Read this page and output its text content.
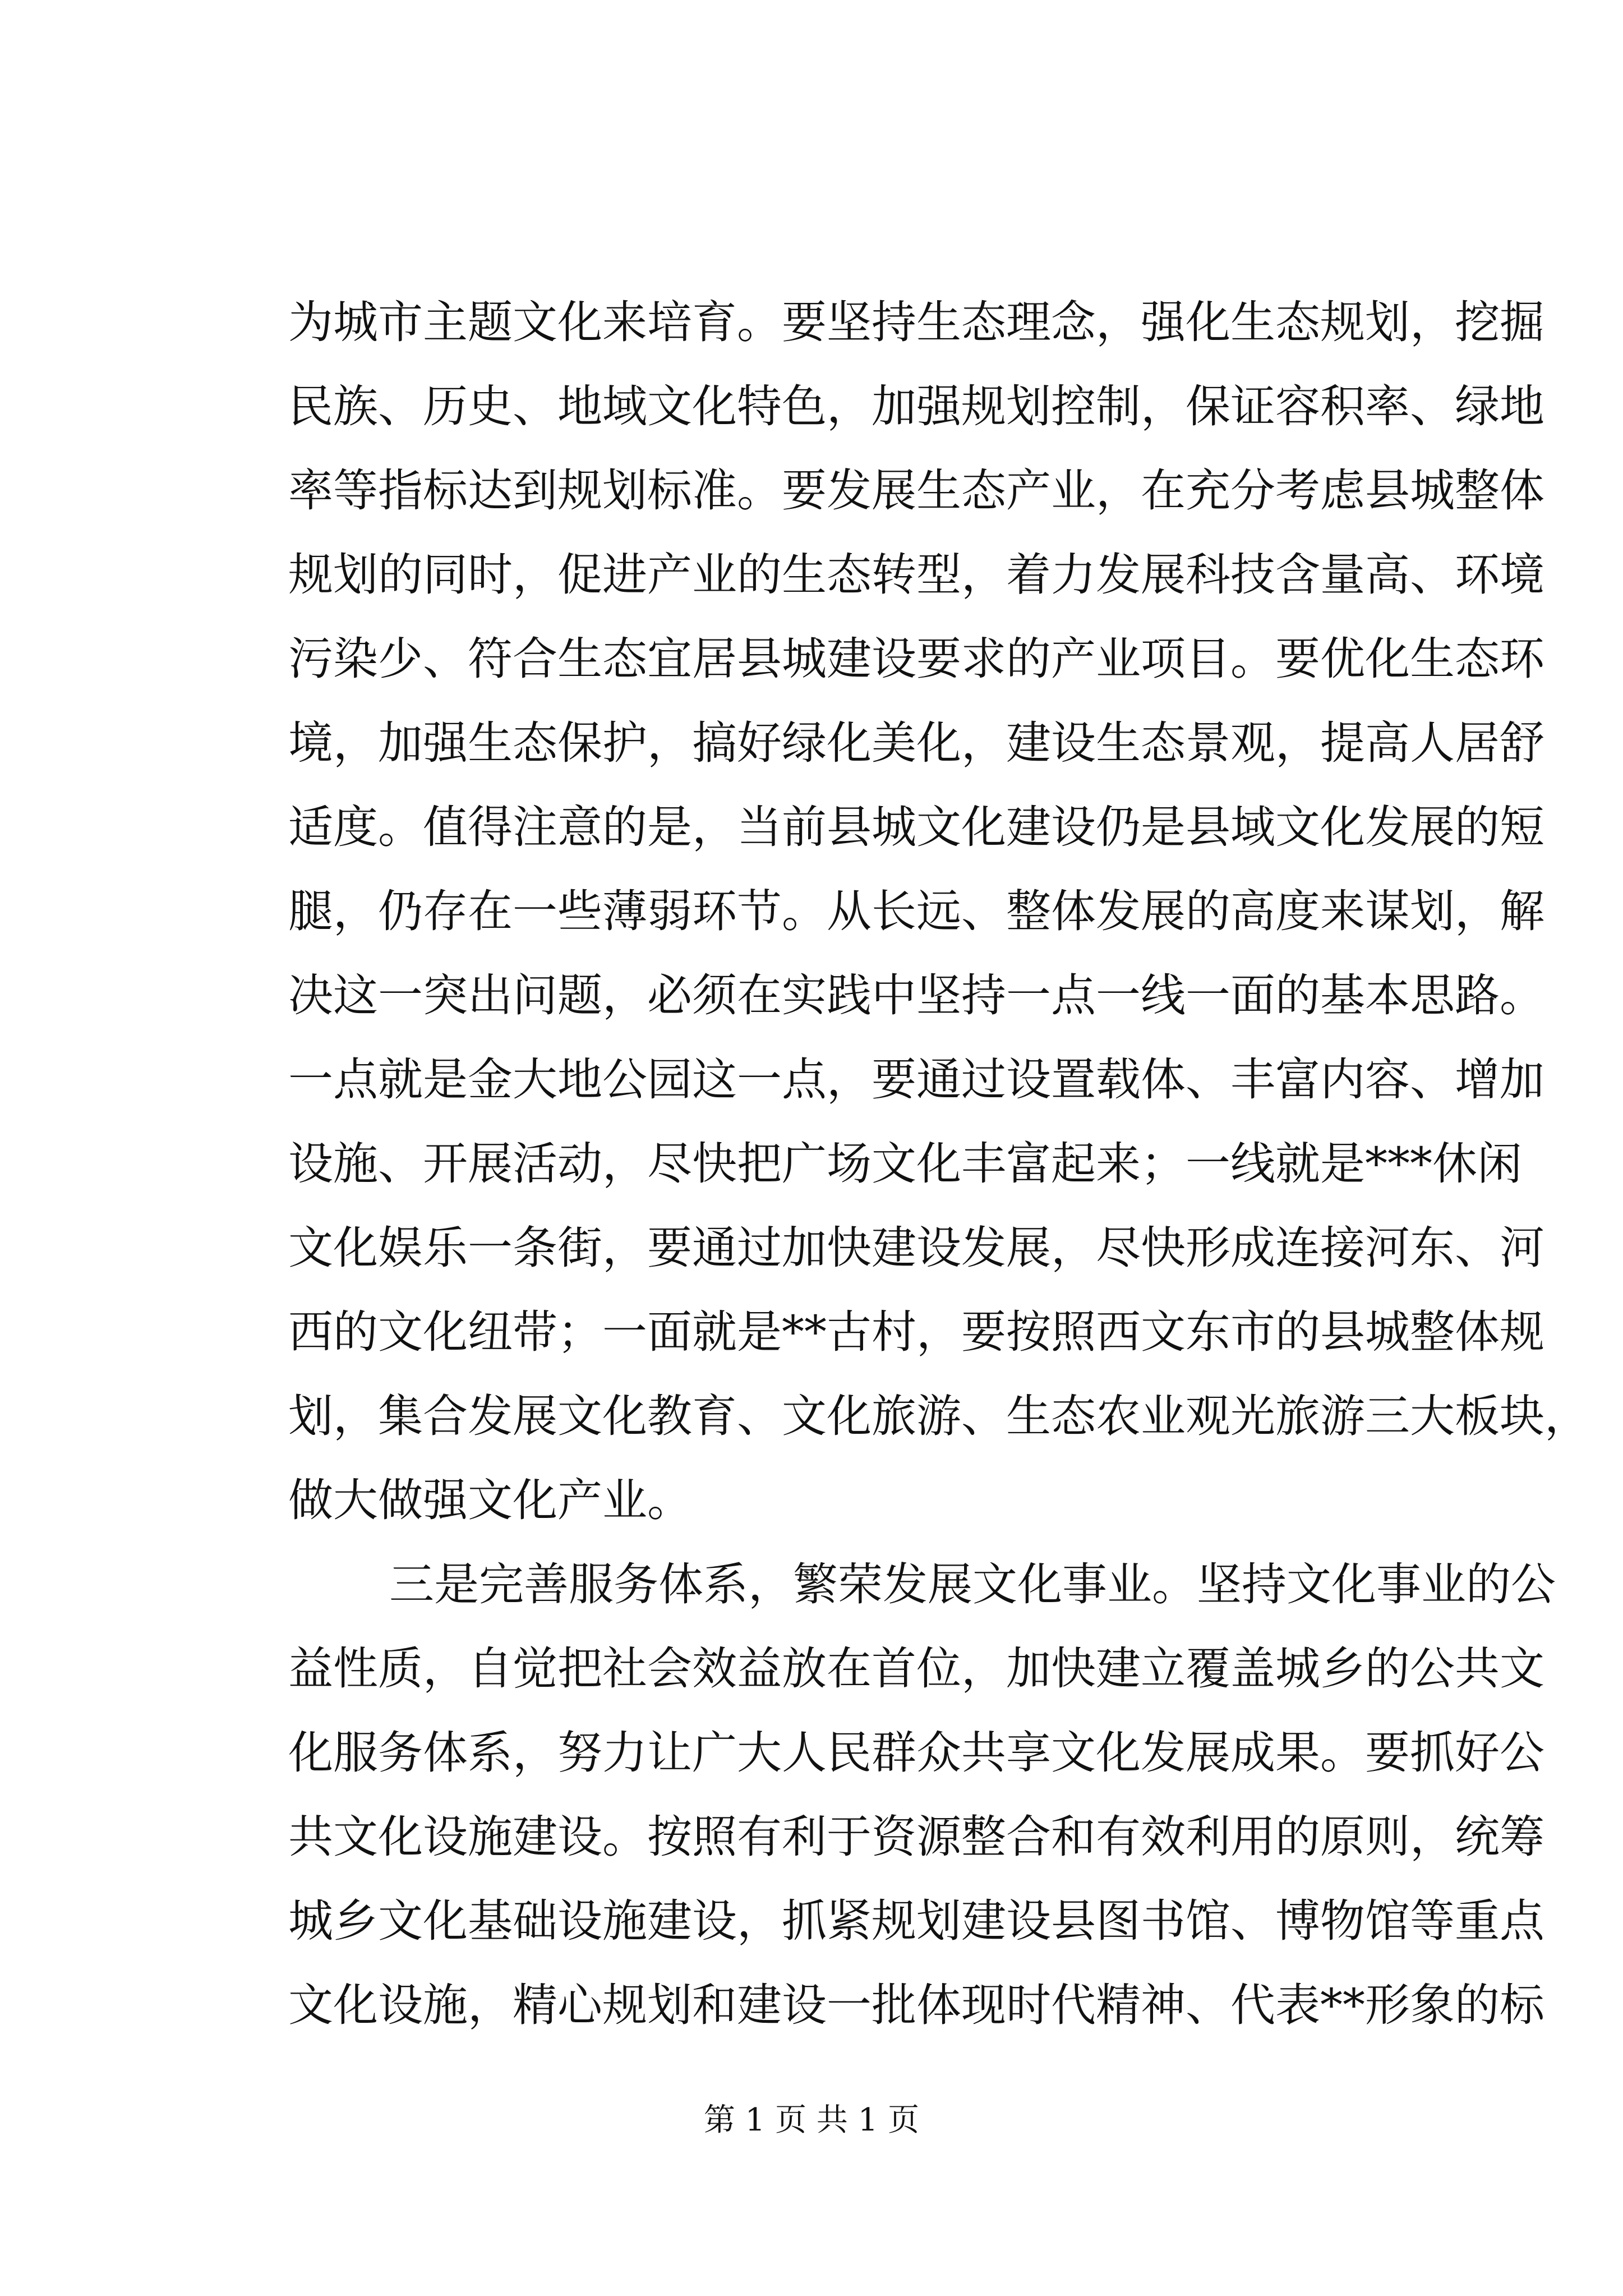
为城市主题文化来培育。要坚持生态理念，强化生态规划，挖掘
民族、历史、地域文化特色，加强规划控制，保证容积率、绿地
率等指标达到规划标准。要发展生态产业，在充分考虑县城整体
规划的同时，促进产业的生态转型，着力发展科技含量高、环境
污染少、符合生态宜居县城建设要求的产业项目。要优化生态环
境，加强生态保护，搞好绿化美化，建设生态景观，提高人居舒
适度。值得注意的是，当前县城文化建设仍是县域文化发展的短
腿，仍存在一些薄弱环节。从长远、整体发展的高度来谋划，解
决这一突出问题，必须在实践中坚持一点一线一面的基本思路。
一点就是金大地公园这一点，要通过设置载体、丰富内容、增加
设施、开展活动，尽快把广场文化丰富起来；一线就是***休闲
文化娱乐一条街，要通过加快建设发展，尽快形成连接河东、河
西的文化纽带；一面就是**古村，要按照西文东市的县城整体规
划，集合发展文化教育、文化旅游、生态农业观光旅游三大板块，
做大做强文化产业。
三是完善服务体系，繁荣发展文化事业。坚持文化事业的公
益性质，自觉把社会效益放在首位，加快建立覆盖城乡的公共文
化服务体系，努力让广大人民群众共享文化发展成果。要抓好公
共文化设施建设。按照有利于资源整合和有效利用的原则，统筹
城乡文化基础设施建设，抓紧规划建设县图书馆、博物馆等重点
文化设施，精心规划和建设一批体现时代精神、代表**形象的标
第 1 页 共 1 页
